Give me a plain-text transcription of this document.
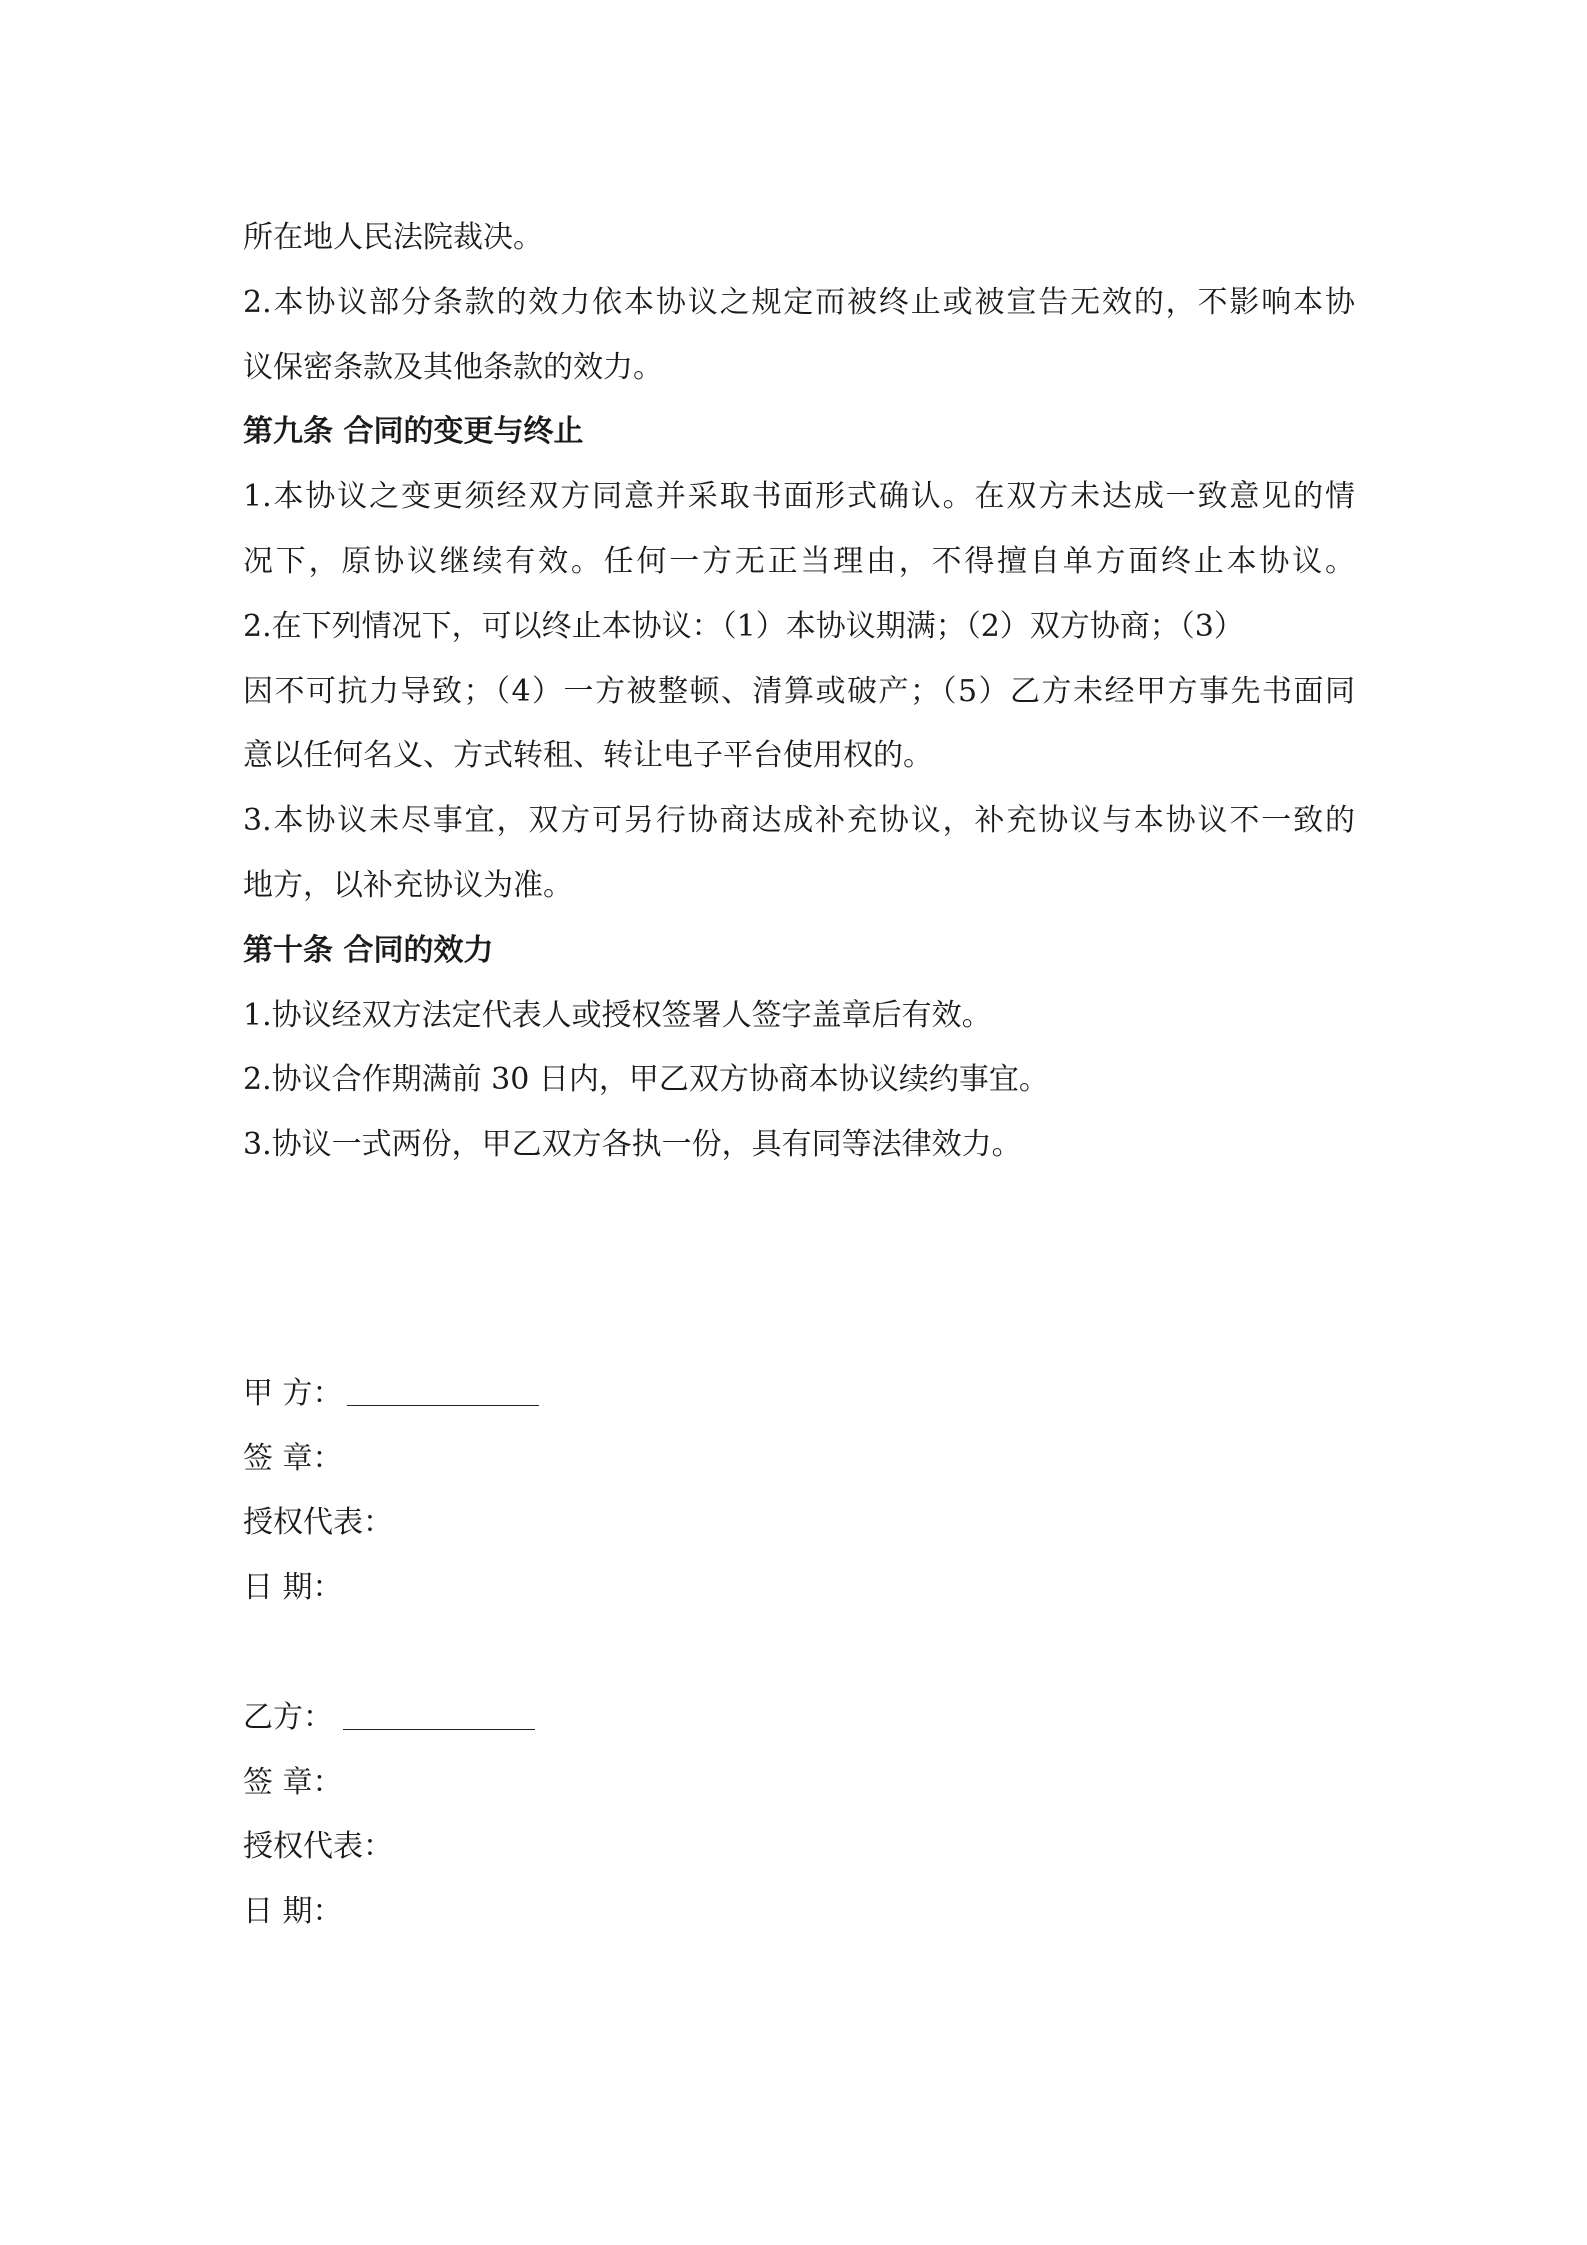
所在地人民法院裁决。
2.本协议部分条款的效力依本协议之规定而被终止或被宣告无效的，不影响本协
议保密条款及其他条款的效力。
第九条 合同的变更与终止
1.本协议之变更须经双方同意并采取书面形式确认。在双方未达成一致意见的情
况下，原协议继续有效。任何一方无正当理由，不得擅自单方面终止本协议。
2.在下列情况下，可以终止本协议：（1）本协议期满；（2）双方协商；（3）
因不可抗力导致；（4）一方被整顿、清算或破产；（5）乙方未经甲方事先书面同
意以任何名义、方式转租、转让电子平台使用权的。
3.本协议未尽事宜，双方可另行协商达成补充协议，补充协议与本协议不一致的
地方，以补充协议为准。
第十条 合同的效力
1.协议经双方法定代表人或授权签署人签字盖章后有效。
2.协议合作期满前 30 日内，甲乙双方协商本协议续约事宜。
3.协议一式两份，甲乙双方各执一份，具有同等法律效力。
甲 方：
签 章：
授权代表：
日 期：
乙方：
签 章：
授权代表：
日 期：
